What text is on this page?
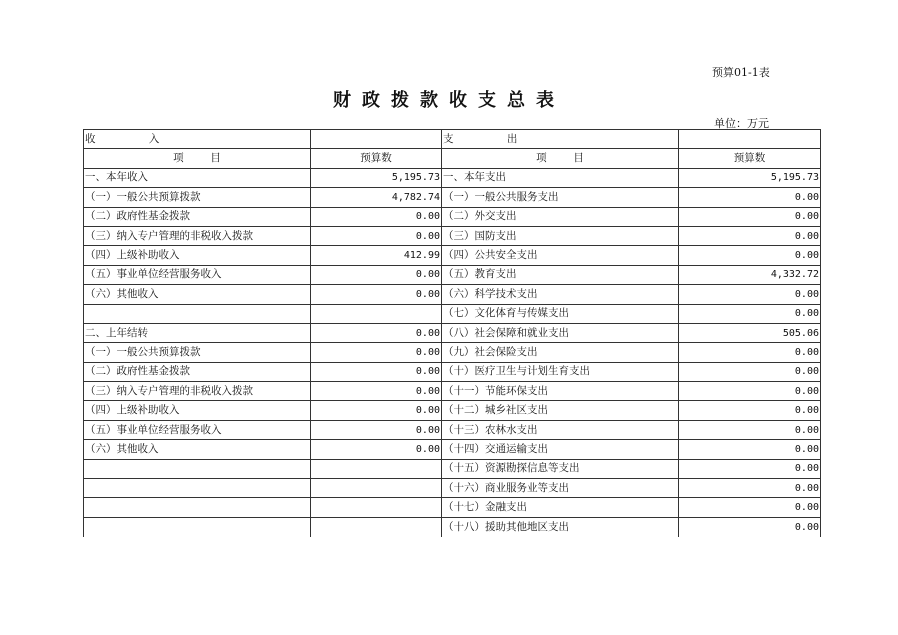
预算01-1表
财政拨款收支总表
单位：万元
收                入		支                出	
项        目	预算数	项        目	预算数
一、本年收入	5,195.73	一、本年支出	5,195.73
（一）一般公共预算拨款	4,782.74	（一）一般公共服务支出	0.00
（二）政府性基金拨款	0.00	（二）外交支出	0.00
（三）纳入专户管理的非税收入拨款	0.00	（三）国防支出	0.00
（四）上级补助收入	412.99	（四）公共安全支出	0.00
（五）事业单位经营服务收入	0.00	（五）教育支出	4,332.72
（六）其他收入	0.00	（六）科学技术支出	0.00
		（七）文化体育与传媒支出	0.00
二、上年结转	0.00	（八）社会保障和就业支出	505.06
（一）一般公共预算拨款	0.00	（九）社会保险支出	0.00
（二）政府性基金拨款	0.00	（十）医疗卫生与计划生育支出	0.00
（三）纳入专户管理的非税收入拨款	0.00	（十一）节能环保支出	0.00
（四）上级补助收入	0.00	（十二）城乡社区支出	0.00
（五）事业单位经营服务收入	0.00	（十三）农林水支出	0.00
（六）其他收入	0.00	（十四）交通运输支出	0.00
		（十五）资源勘探信息等支出	0.00
		（十六）商业服务业等支出	0.00
		（十七）金融支出	0.00
		（十八）援助其他地区支出	0.00
